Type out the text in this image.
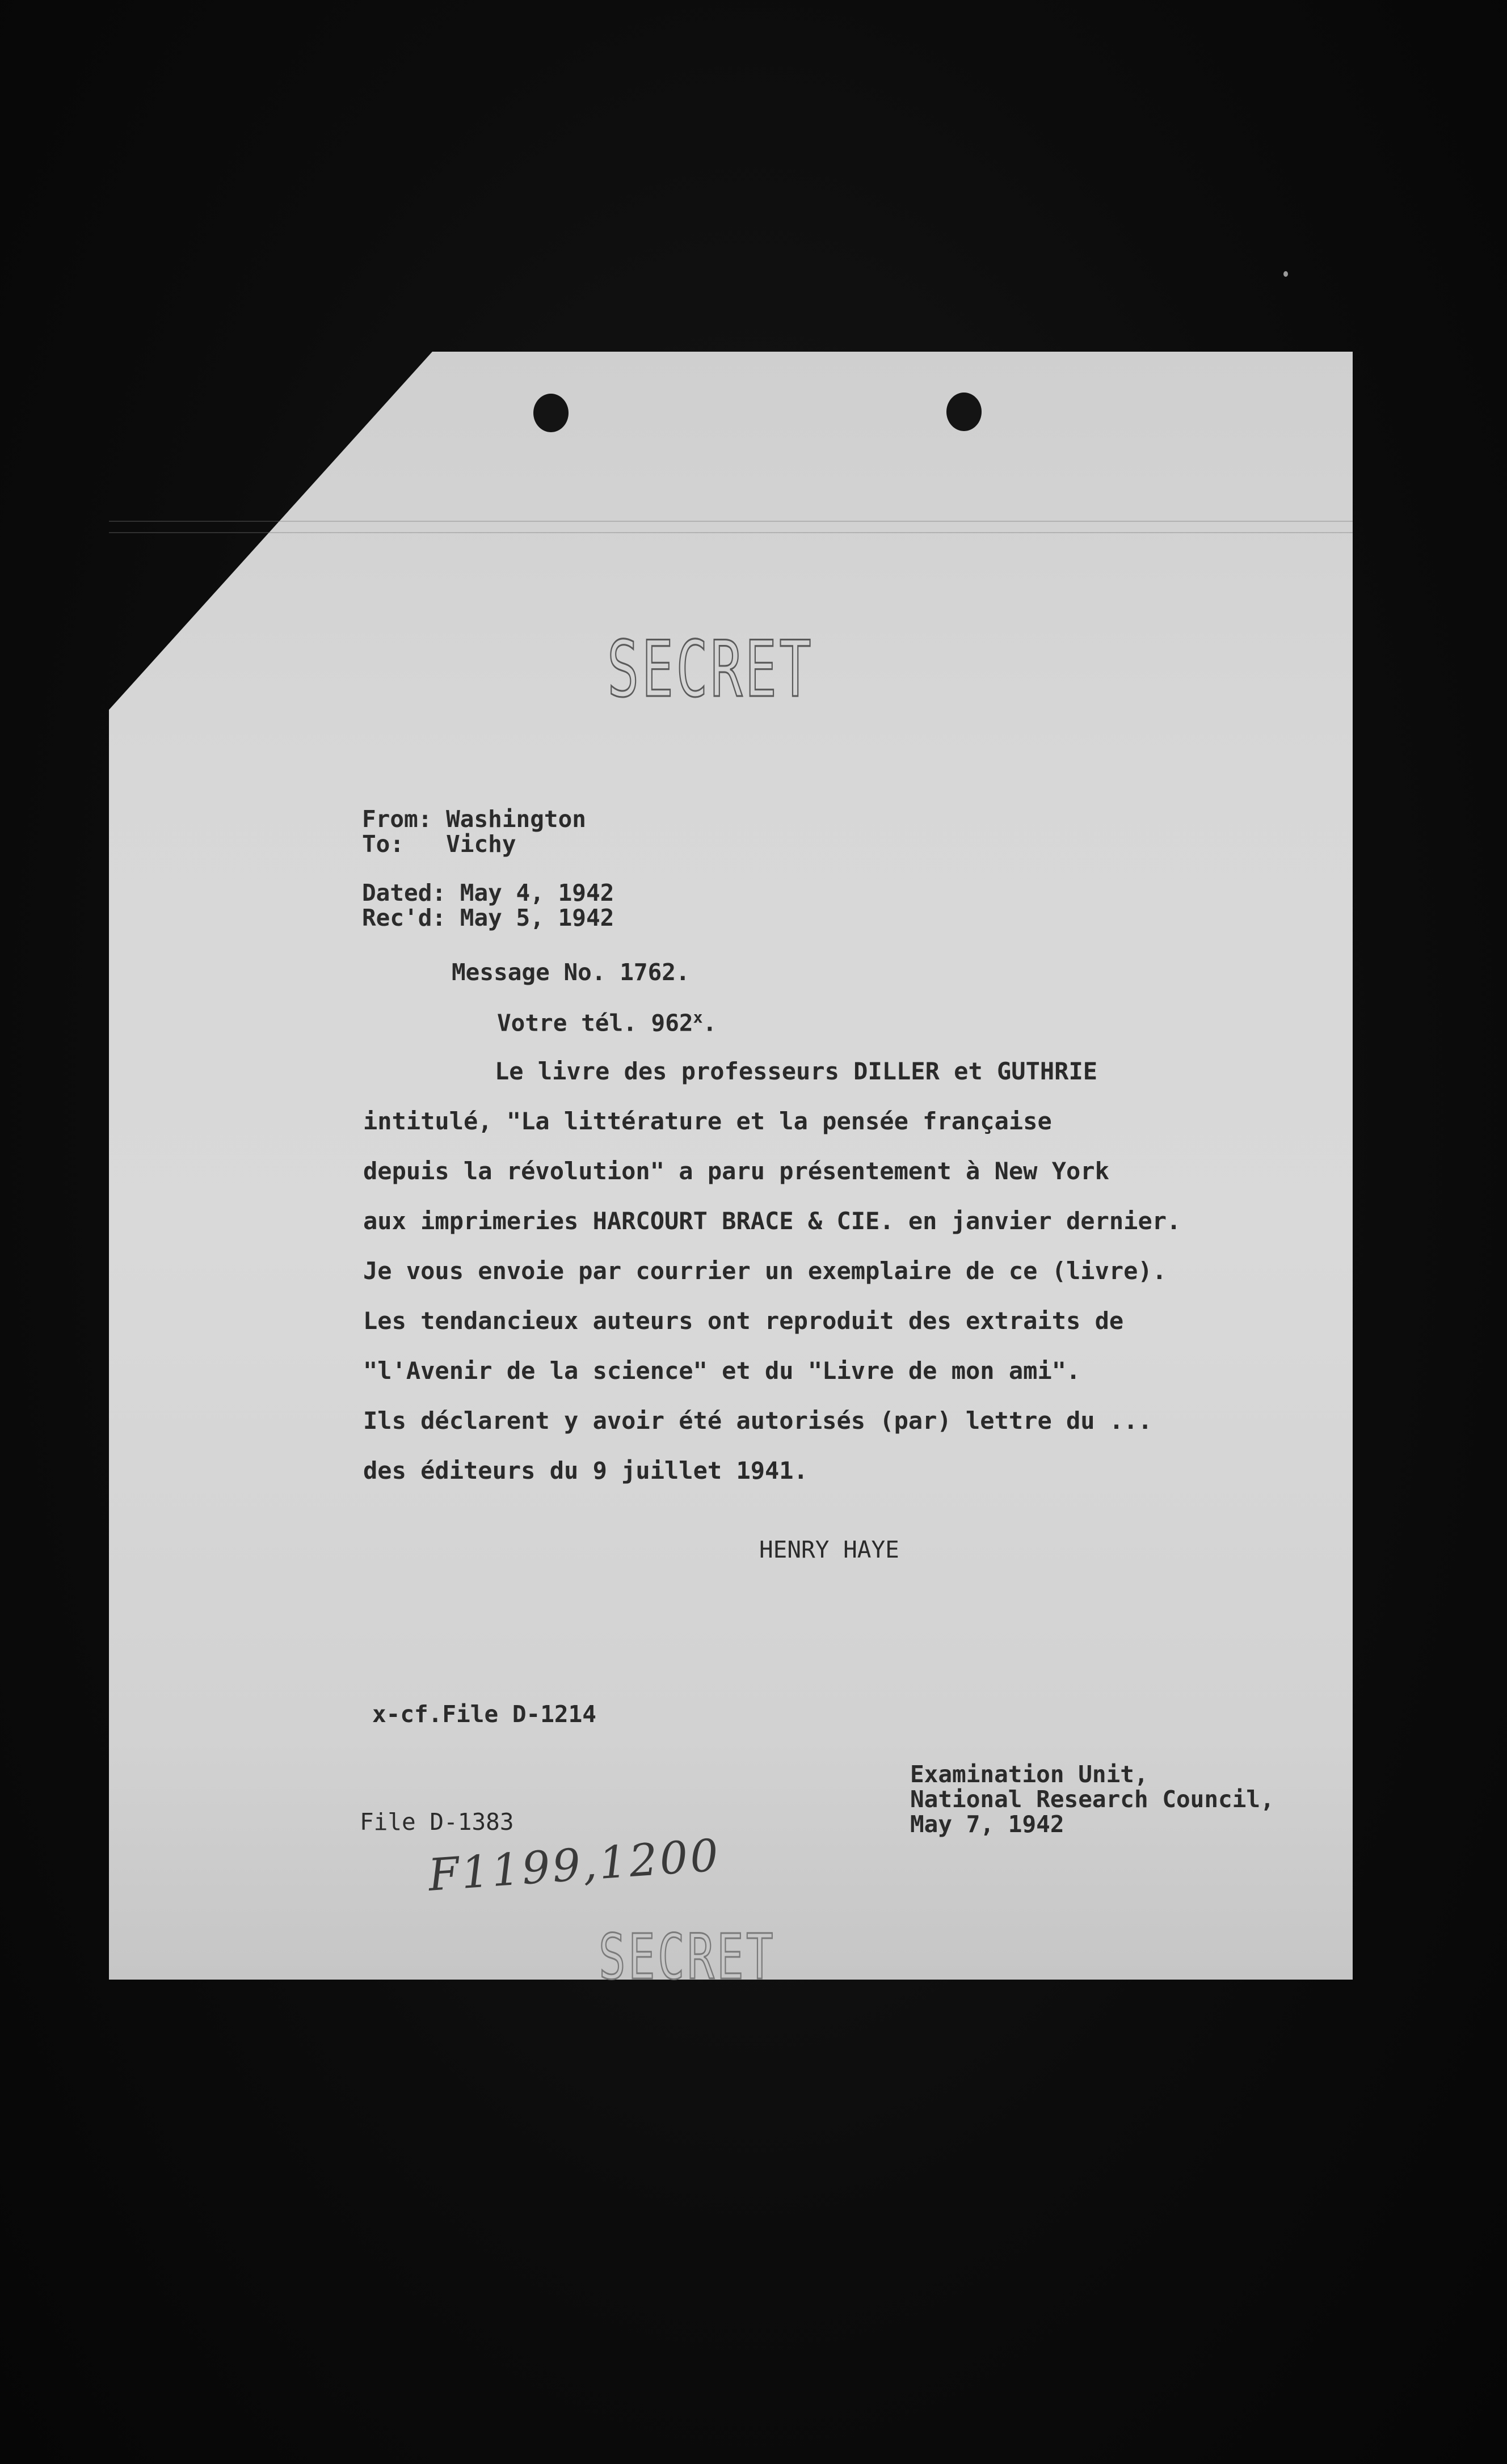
SECRET
From: Washington
To: Vichy
Dated: May 4, 1942
Rec'd: May 5, 1942
Message No. 1762.
Votre tél. 962$^x$.
Le livre des professeurs DILLER et GUTHRIE
intitulé, "La littérature et la pensée française
depuis la révolution" a paru présentement à New York
aux imprimeries HARCOURT BRACE & CIE. en janvier dernier.
Je vous envoie par courrier un exemplaire de ce (livre).
Les tendancieux auteurs ont reproduit des extraits de
"l'Avenir de la science" et du "Livre de mon ami".
Ils déclarent y avoir été autorisés (par) lettre du ...
des éditeurs du 9 juillet 1941.
HENRY HAYE
x-cf.File D-1214
File D-1383
Examination Unit,
National Research Council,
May 7, 1942
F1199,1200
SECRET
